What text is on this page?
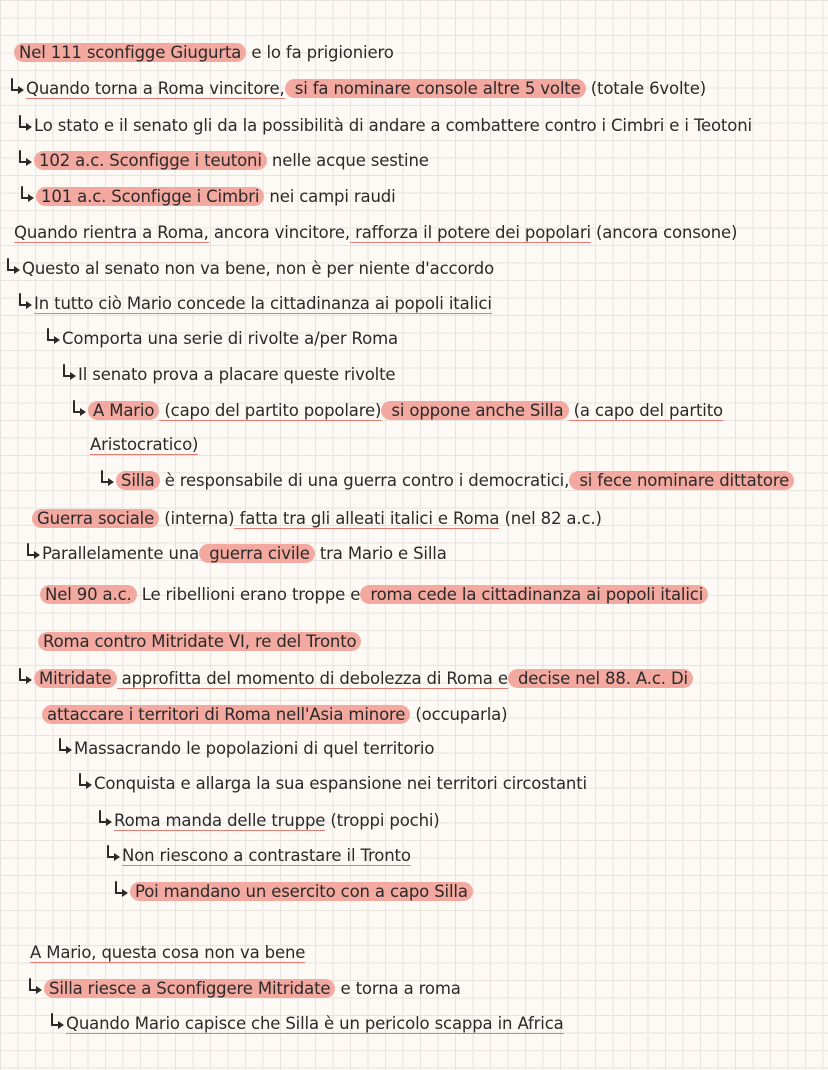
Nel 111 sconfigge Giugurta e lo fa prigioniero
Quando torna a Roma vincitore, si fa nominare console altre 5 volte (totale 6volte)
Lo stato e il senato gli da la possibilità di andare a combattere contro i Cimbri e i Teotoni
102 a.c. Sconfigge i teutoni nelle acque sestine
101 a.c. Sconfigge i Cimbri nei campi raudi
Quando rientra a Roma, ancora vincitore, rafforza il potere dei popolari (ancora consone)
Questo al senato non va bene, non è per niente d'accordo
In tutto ciò Mario concede la cittadinanza ai popoli italici
Comporta una serie di rivolte a/per Roma
Il senato prova a placare queste rivolte
A Mario (capo del partito popolare) si oppone anche Silla (a capo del partito
Aristocratico)
Silla è responsabile di una guerra contro i democratici, si fece nominare dittatore
Guerra sociale (interna) fatta tra gli alleati italici e Roma (nel 82 a.c.)
Parallelamente una guerra civile tra Mario e Silla
Nel 90 a.c. Le ribellioni erano troppe e roma cede la cittadinanza ai popoli italici
Roma contro Mitridate VI, re del Tronto
Mitridate approfitta del momento di debolezza di Roma e decise nel 88. A.c. Di
attaccare i territori di Roma nell'Asia minore (occuparla)
Massacrando le popolazioni di quel territorio
Conquista e allarga la sua espansione nei territori circostanti
Roma manda delle truppe (troppi pochi)
Non riescono a contrastare il Tronto
Poi mandano un esercito con a capo Silla
A Mario, questa cosa non va bene
Silla riesce a Sconfiggere Mitridate e torna a roma
Quando Mario capisce che Silla è un pericolo scappa in Africa
